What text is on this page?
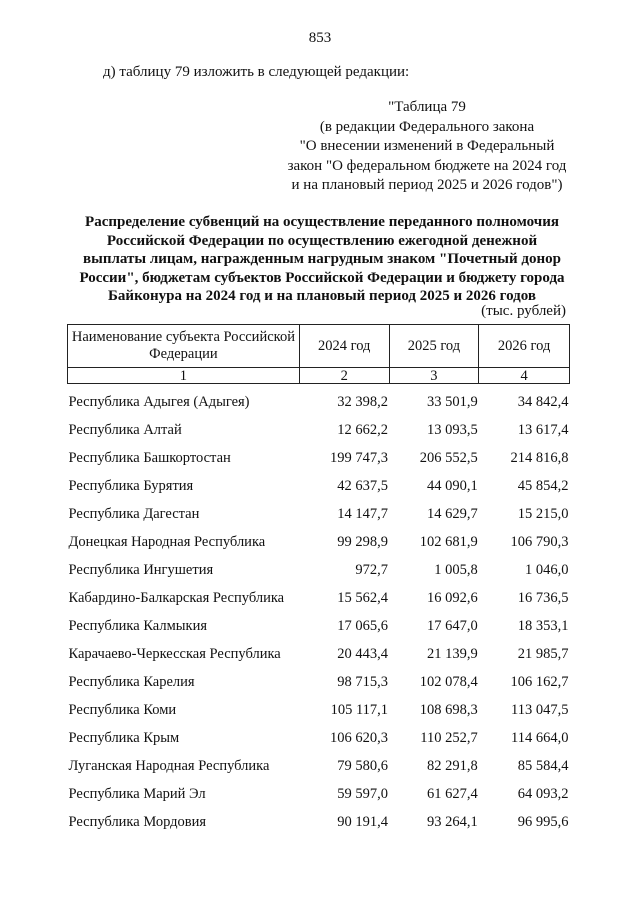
853
д) таблицу 79 изложить в следующей редакции:
"Таблица 79
(в редакции Федерального закона
"О внесении изменений в Федеральный
закон "О федеральном бюджете на 2024 год
и на плановый период 2025 и 2026 годов")
Распределение субвенций на осуществление переданного полномочия
Российской Федерации по осуществлению ежегодной денежной
выплаты лицам, награжденным нагрудным знаком "Почетный донор
России", бюджетам субъектов Российской Федерации и бюджету города
Байконура на 2024 год и на плановый период 2025 и 2026 годов
(тыс. рублей)
Наименование субъекта Российской Федерации	2024 год	2025 год	2026 год
1	2	3	4
Республика Адыгея (Адыгея)	32 398,2	33 501,9	34 842,4
Республика Алтай	12 662,2	13 093,5	13 617,4
Республика Башкортостан	199 747,3	206 552,5	214 816,8
Республика Бурятия	42 637,5	44 090,1	45 854,2
Республика Дагестан	14 147,7	14 629,7	15 215,0
Донецкая Народная Республика	99 298,9	102 681,9	106 790,3
Республика Ингушетия	972,7	1 005,8	1 046,0
Кабардино-Балкарская Республика	15 562,4	16 092,6	16 736,5
Республика Калмыкия	17 065,6	17 647,0	18 353,1
Карачаево-Черкесская Республика	20 443,4	21 139,9	21 985,7
Республика Карелия	98 715,3	102 078,4	106 162,7
Республика Коми	105 117,1	108 698,3	113 047,5
Республика Крым	106 620,3	110 252,7	114 664,0
Луганская Народная Республика	79 580,6	82 291,8	85 584,4
Республика Марий Эл	59 597,0	61 627,4	64 093,2
Республика Мордовия	90 191,4	93 264,1	96 995,6
